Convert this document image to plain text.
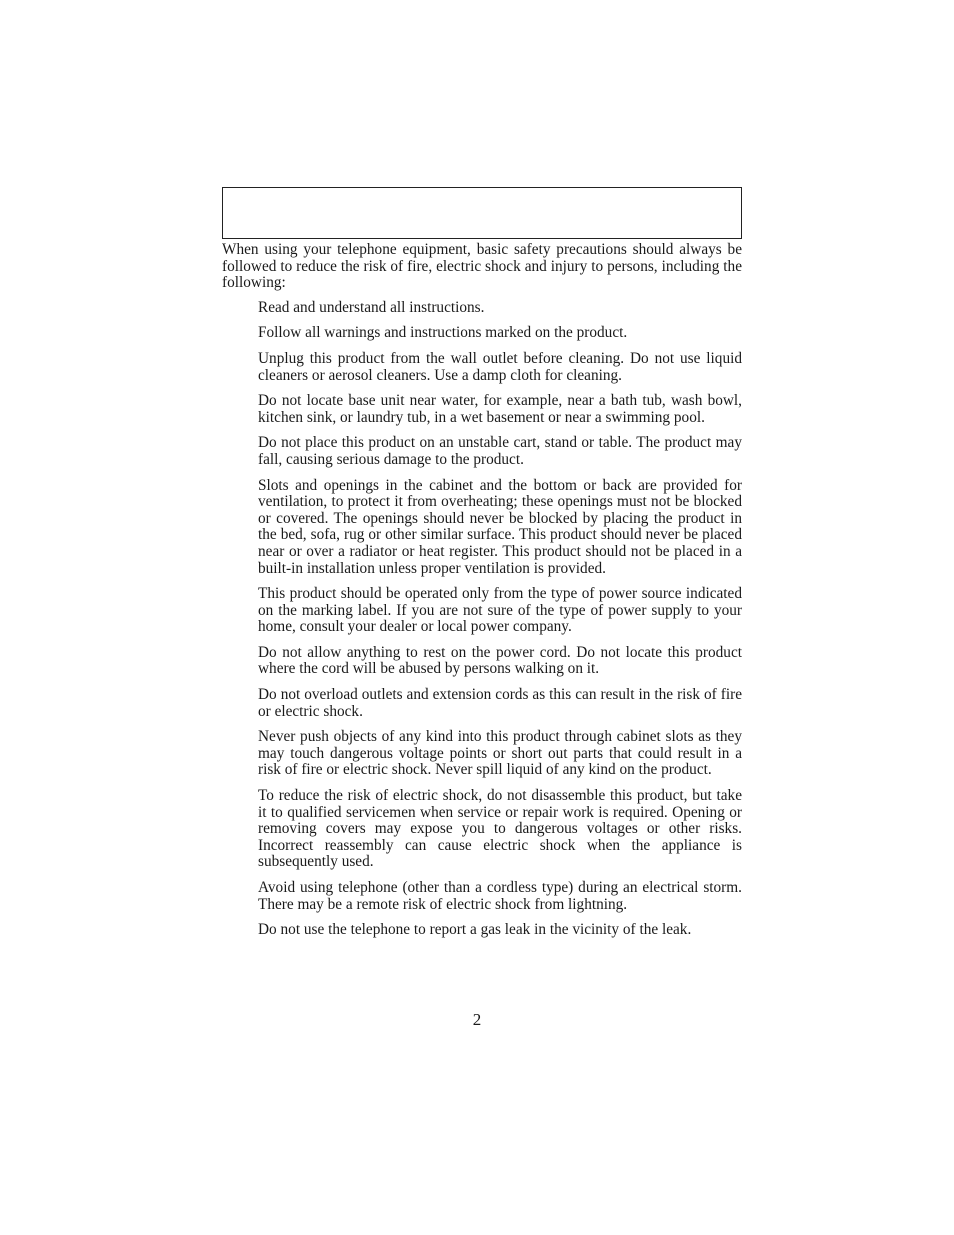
When using your telephone equipment, basic safety precautions should always be followed to reduce the risk of fire, electric shock and injury to persons, including the following:

Read and understand all instructions.
Follow all warnings and instructions marked on the product.
Unplug this product from the wall outlet before cleaning. Do not use liquid cleaners or aerosol cleaners. Use a damp cloth for cleaning.
Do not locate base unit near water, for example, near a bath tub, wash bowl, kitchen sink, or laundry tub, in a wet basement or near a swimming pool.
Do not place this product on an unstable cart, stand or table. The product may fall, causing serious damage to the product.
Slots and openings in the cabinet and the bottom or back are provided for ventilation, to protect it from overheating; these openings must not be blocked or covered. The openings should never be blocked by placing the product in the bed, sofa, rug or other similar surface. This product should never be placed near or over a radiator or heat register. This product should not be placed in a built-in installation unless proper ventilation is provided.
This product should be operated only from the type of power source indicated on the marking label. If you are not sure of the type of power supply to your home, consult your dealer or local power company.
Do not allow anything to rest on the power cord. Do not locate this product where the cord will be abused by persons walking on it.
Do not overload outlets and extension cords as this can result in the risk of fire or electric shock.
Never push objects of any kind into this product through cabinet slots as they may touch dangerous voltage points or short out parts that could result in a risk of fire or electric shock. Never spill liquid of any kind on the product.
To reduce the risk of electric shock, do not disassemble this product, but take it to qualified servicemen when service or repair work is required. Opening or removing covers may expose you to dangerous voltages or other risks. Incorrect reassembly can cause electric shock when the appliance is subsequently used.
Avoid using telephone (other than a cordless type) during an electrical storm. There may be a remote risk of electric shock from lightning.
Do not use the telephone to report a gas leak in the vicinity of the leak.
2
